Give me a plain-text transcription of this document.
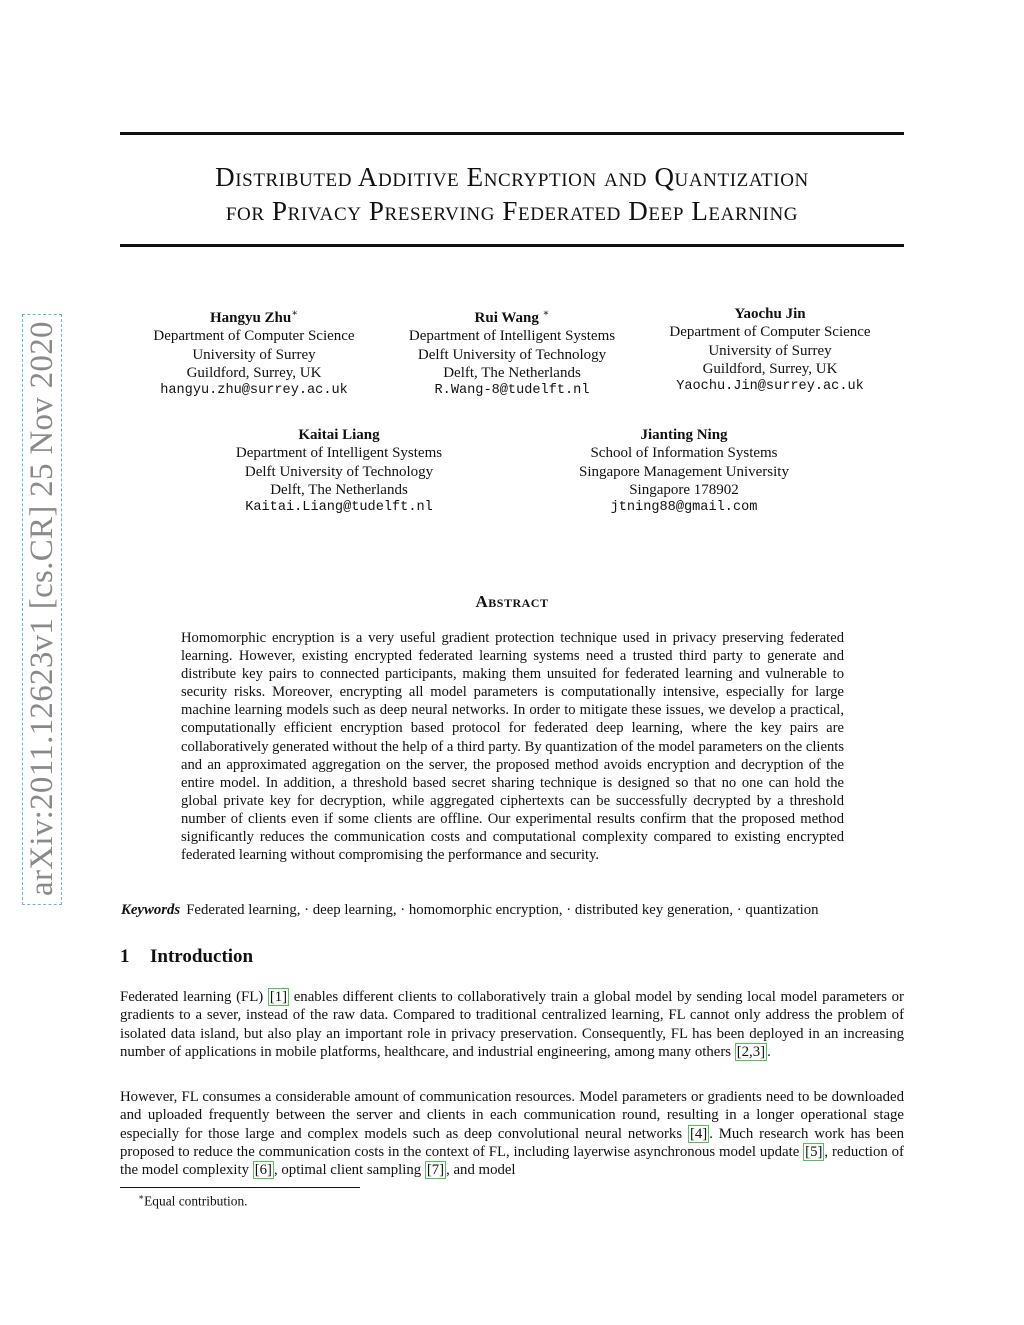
arXiv:2011.12623v1 [cs.CR] 25 Nov 2020
Distributed Additive Encryption and Quantization
for Privacy Preserving Federated Deep Learning
Hangyu Zhu∗
Department of Computer Science
University of Surrey
Guildford, Surrey, UK
hangyu.zhu@surrey.ac.uk
Rui Wang ∗
Department of Intelligent Systems
Delft University of Technology
Delft, The Netherlands
R.Wang-8@tudelft.nl
Yaochu Jin
Department of Computer Science
University of Surrey
Guildford, Surrey, UK
Yaochu.Jin@surrey.ac.uk
Kaitai Liang
Department of Intelligent Systems
Delft University of Technology
Delft, The Netherlands
Kaitai.Liang@tudelft.nl
Jianting Ning
School of Information Systems
Singapore Management University
Singapore 178902
jtning88@gmail.com
Abstract
Homomorphic encryption is a very useful gradient protection technique used in privacy preserving federated learning. However, existing encrypted federated learning systems need a trusted third party to generate and distribute key pairs to connected participants, making them unsuited for federated learning and vulnerable to security risks. Moreover, encrypting all model parameters is computationally intensive, especially for large machine learning models such as deep neural networks. In order to mitigate these issues, we develop a practical, computationally efficient encryption based protocol for federated deep learning, where the key pairs are collaboratively generated without the help of a third party. By quantization of the model parameters on the clients and an approximated aggregation on the server, the proposed method avoids encryption and decryption of the entire model. In addition, a threshold based secret sharing technique is designed so that no one can hold the global private key for decryption, while aggregated ciphertexts can be successfully decrypted by a threshold number of clients even if some clients are offline. Our experimental results confirm that the proposed method significantly reduces the communication costs and computational complexity compared to existing encrypted federated learning without compromising the performance and security.
Keywords Federated learning, · deep learning, · homomorphic encryption, · distributed key generation, · quantization
1 Introduction

Federated learning (FL) [1] enables different clients to collaboratively train a global model by sending local model parameters or gradients to a sever, instead of the raw data. Compared to traditional centralized learning, FL cannot only address the problem of isolated data island, but also play an important role in privacy preservation. Consequently, FL has been deployed in an increasing number of applications in mobile platforms, healthcare, and industrial engineering, among many others [2,3] .

However, FL consumes a considerable amount of communication resources. Model parameters or gradients need to be downloaded and uploaded frequently between the server and clients in each communication round, resulting in a longer operational stage especially for those large and complex models such as deep convolutional neural networks [4] . Much research work has been proposed to reduce the communication costs in the context of FL, including layerwise asynchronous model update [5] , reduction of the model complexity [6] , optimal client sampling [7] , and model

∗Equal contribution.
